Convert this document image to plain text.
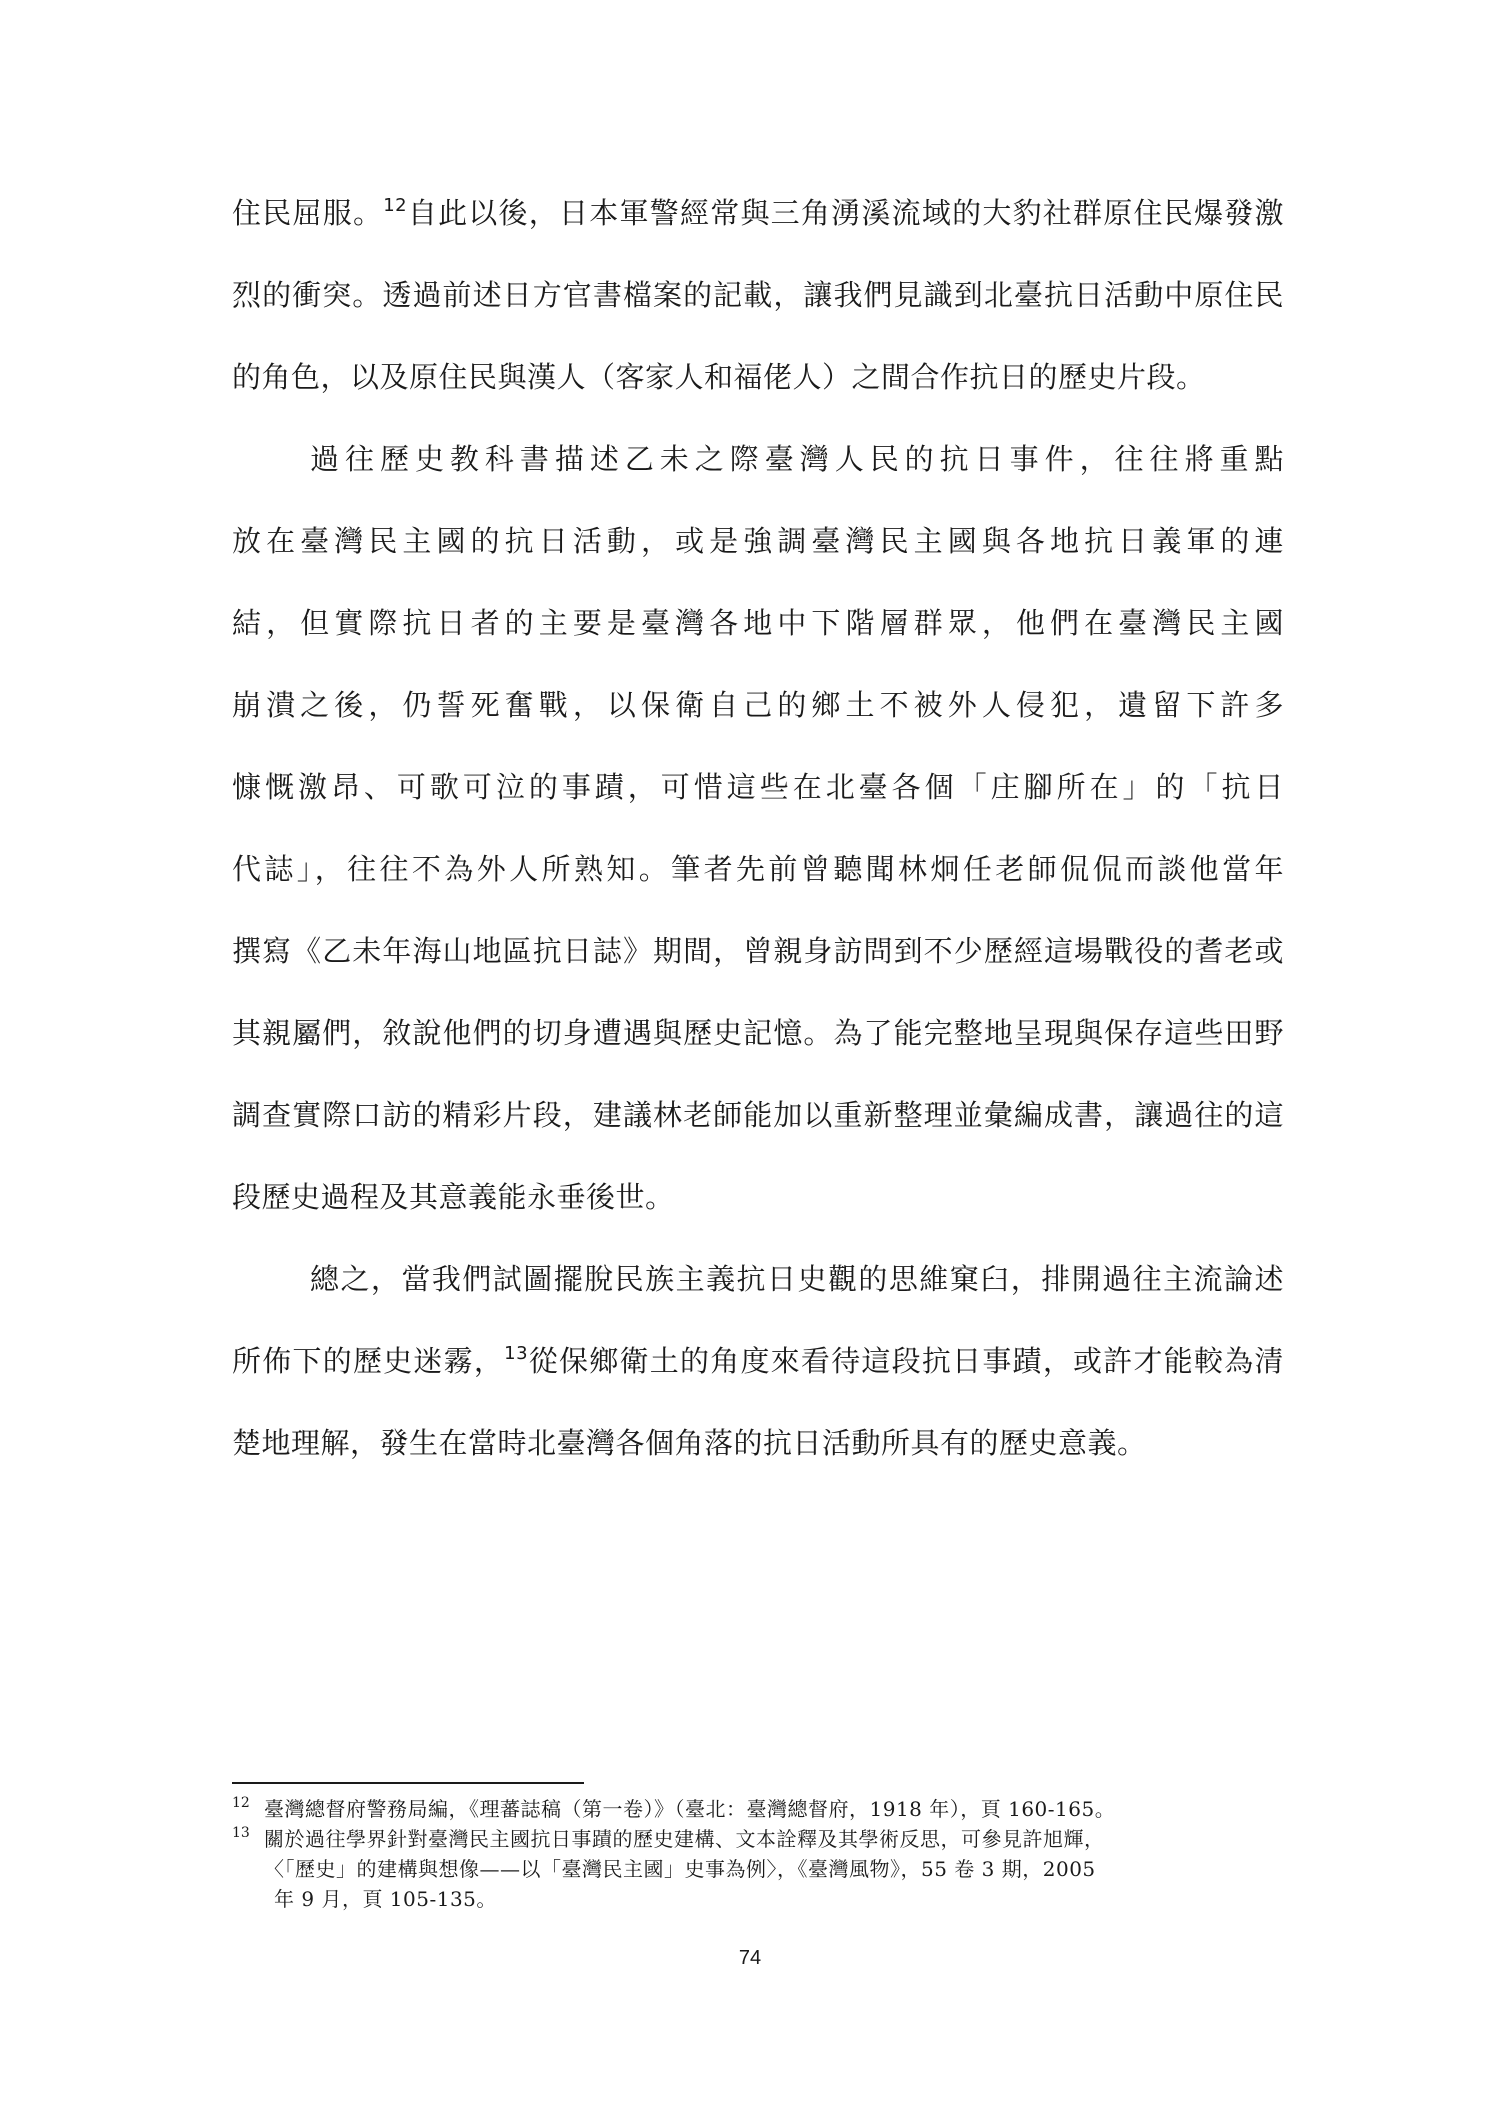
住民屈服。$^{12}$自此以後，日本軍警經常與三角湧溪流域的大豹社群原住民爆發激
烈的衝突。透過前述日方官書檔案的記載，讓我們見識到北臺抗日活動中原住民
的角色，以及原住民與漢人（客家人和福佬人）之間合作抗日的歷史片段。
過往歷史教科書描述乙未之際臺灣人民的抗日事件，往往將重點
放在臺灣民主國的抗日活動，或是強調臺灣民主國與各地抗日義軍的連
結，但實際抗日者的主要是臺灣各地中下階層群眾，他們在臺灣民主國
崩潰之後，仍誓死奮戰，以保衛自己的鄉土不被外人侵犯，遺留下許多
慷慨激昂、可歌可泣的事蹟，可惜這些在北臺各個「庄腳所在」的「抗日
代誌」，往往不為外人所熟知。筆者先前曾聽聞林炯任老師侃侃而談他當年
撰寫《乙未年海山地區抗日誌》期間，曾親身訪問到不少歷經這場戰役的耆老或
其親屬們，敘說他們的切身遭遇與歷史記憶。為了能完整地呈現與保存這些田野
調查實際口訪的精彩片段，建議林老師能加以重新整理並彙編成書，讓過往的這
段歷史過程及其意義能永垂後世。
總之，當我們試圖擺脫民族主義抗日史觀的思維窠臼，排開過往主流論述
所佈下的歷史迷霧，$^{13}$從保鄉衛土的角度來看待這段抗日事蹟，或許才能較為清
楚地理解，發生在當時北臺灣各個角落的抗日活動所具有的歷史意義。
12 臺灣總督府警務局編，《理蕃誌稿（第一卷）》（臺北：臺灣總督府，1918 年），頁 160-165。
13 關於過往學界針對臺灣民主國抗日事蹟的歷史建構、文本詮釋及其學術反思，可參見許旭輝，
〈「歷史」的建構與想像——以「臺灣民主國」史事為例〉，《臺灣風物》，55 卷 3 期，2005
年 9 月，頁 105-135。
74
